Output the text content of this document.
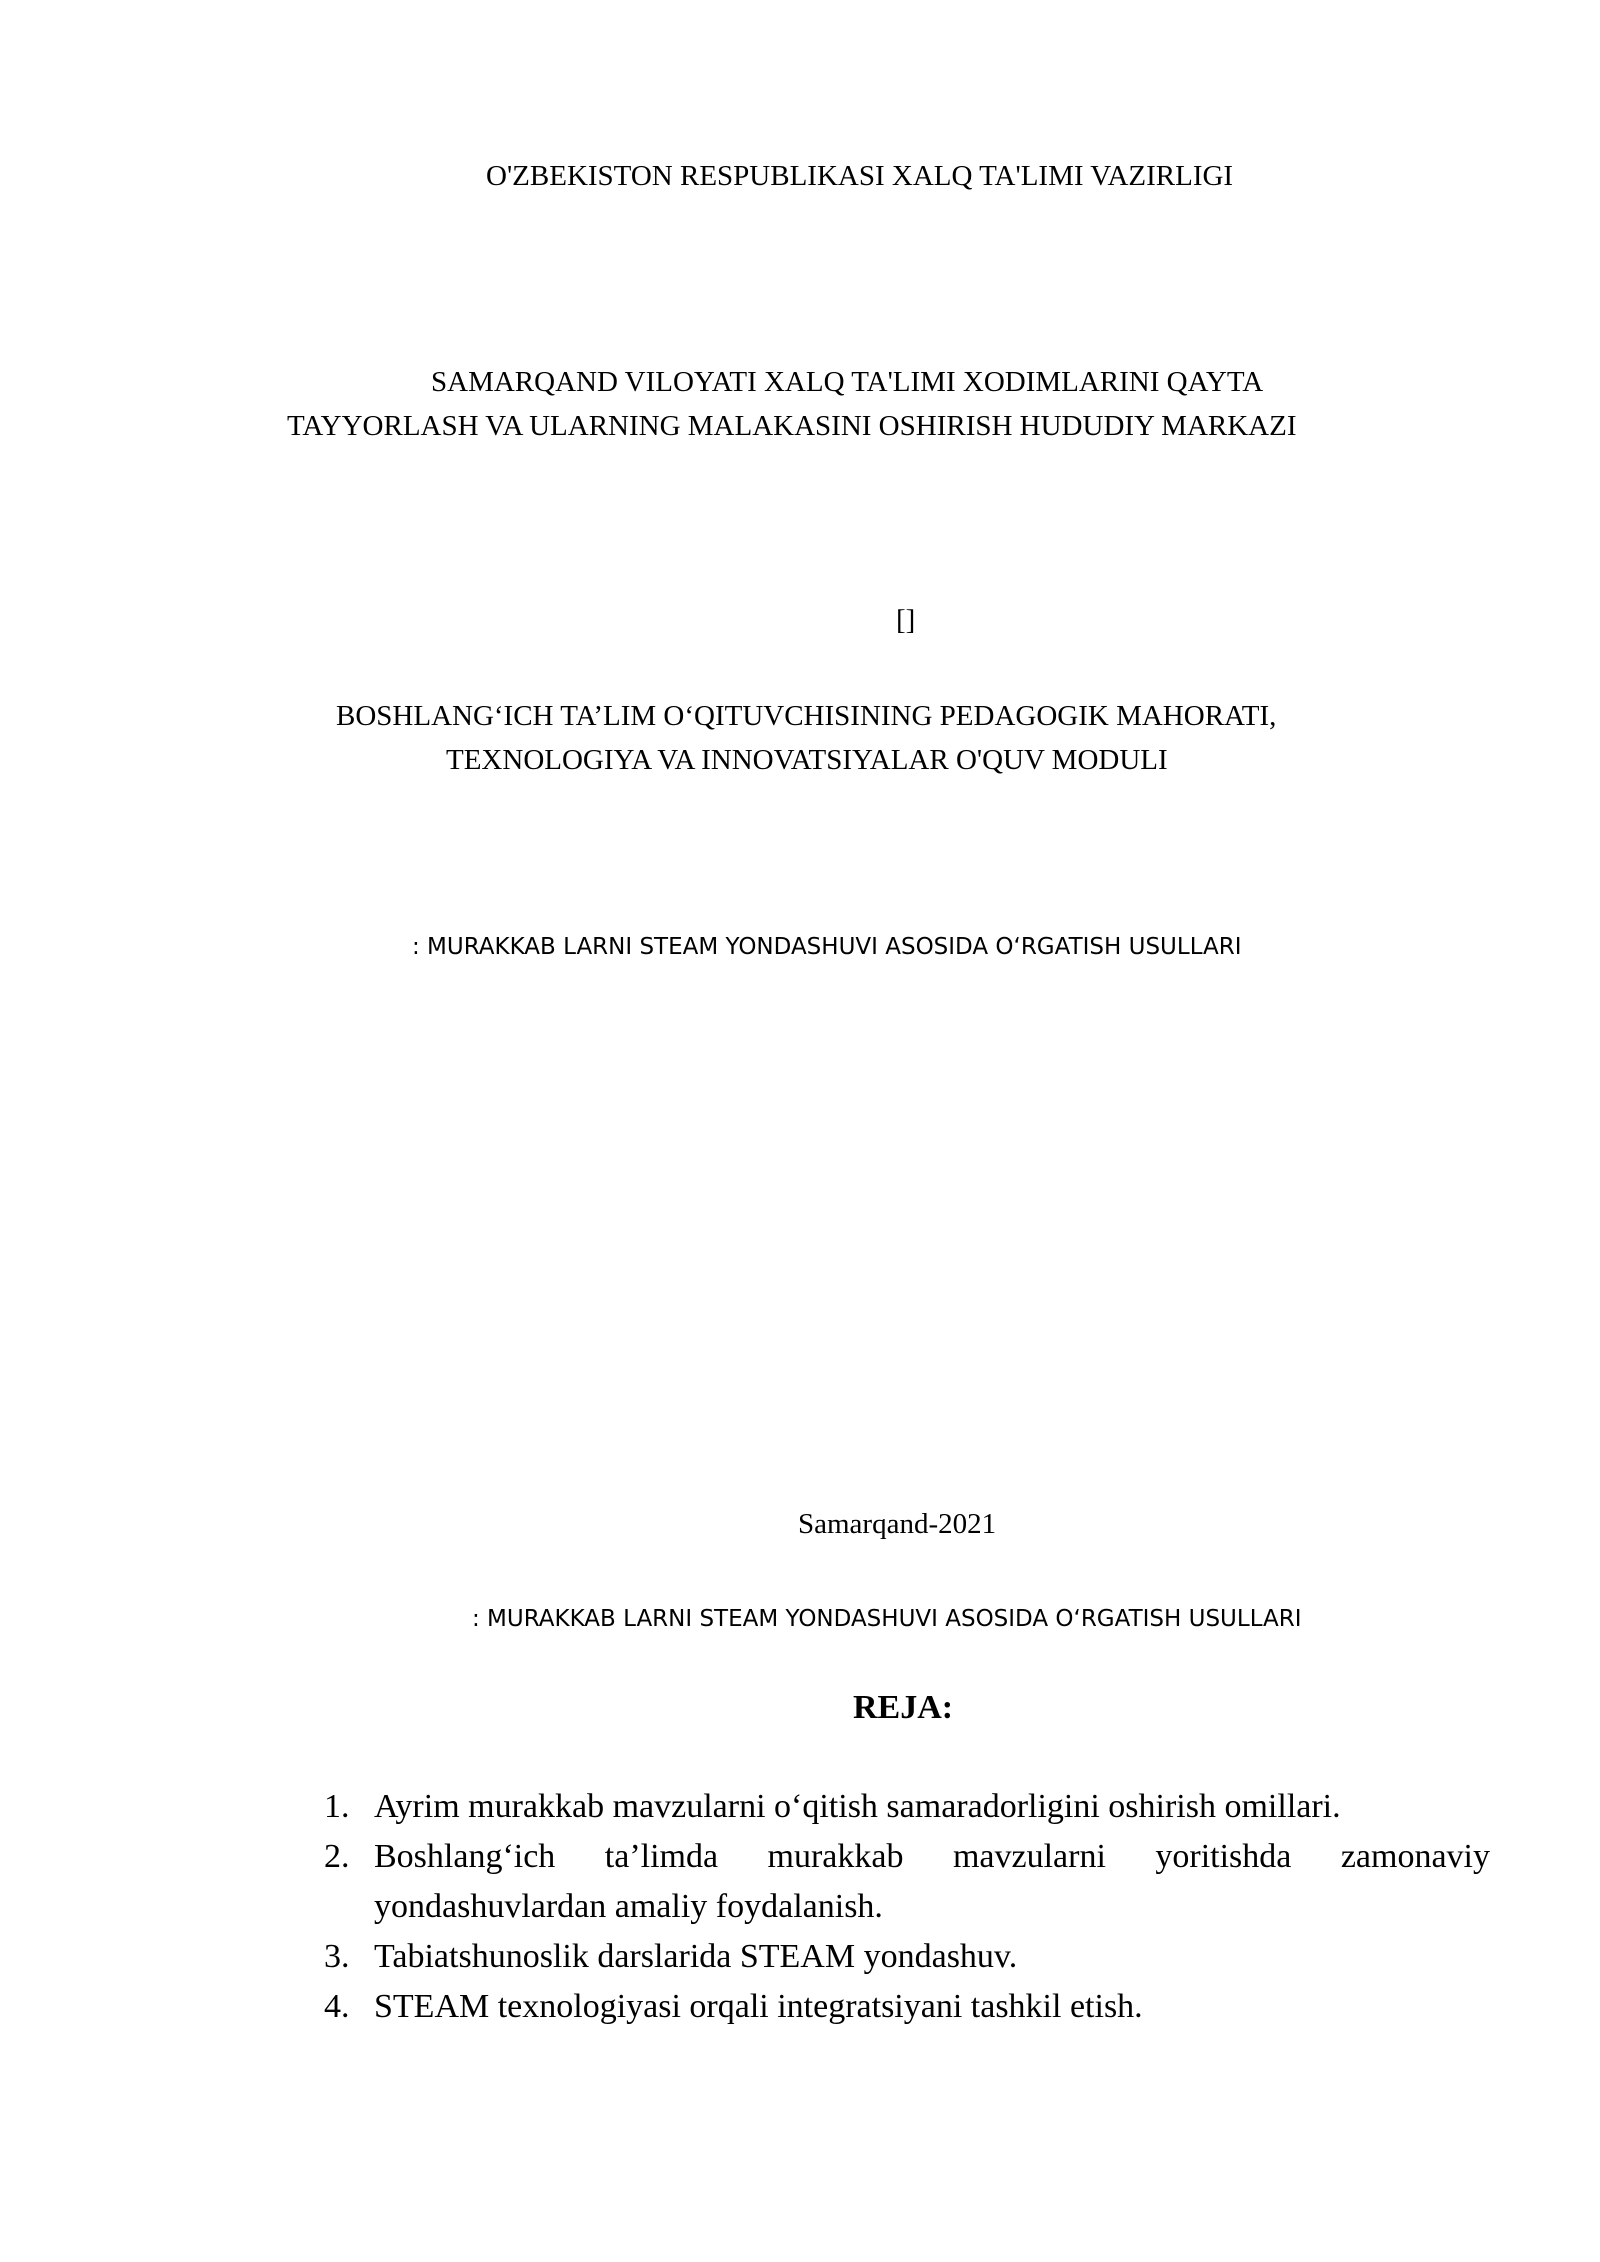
O'ZBEKISTON RESPUBLIKASI XALQ TA'LIMI VAZIRLIGI

SAMARQAND VILOYATI XALQ TA'LIMI XODIMLARINI QAYTA

TAYYORLASH VA ULARNING MALAKASINI OSHIRISH HUDUDIY MARKAZI

[]

BOSHLANG‘ICH TA’LIM O‘QITUVCHISINING PEDAGOGIK MAHORATI,

TEXNOLOGIYA VA INNOVATSIYALAR O'QUV MODULI

: MURAKKAB LARNI STEAM YONDASHUVI ASOSIDA O‘RGATISH USULLARI

Samarqand-2021

: MURAKKAB LARNI STEAM YONDASHUVI ASOSIDA O‘RGATISH USULLARI

REJA:
1. Ayrim murakkab mavzularni o‘qitish samaradorligini oshirish omillari.
2. Boshlang‘ich ta’limda murakkab mavzularni yoritishda zamonaviy yondashuvlardan amaliy foydalanish.
3. Tabiatshunoslik darslarida STEAM yondashuv.
4. STEAM texnologiyasi orqali integratsiyani tashkil etish.
